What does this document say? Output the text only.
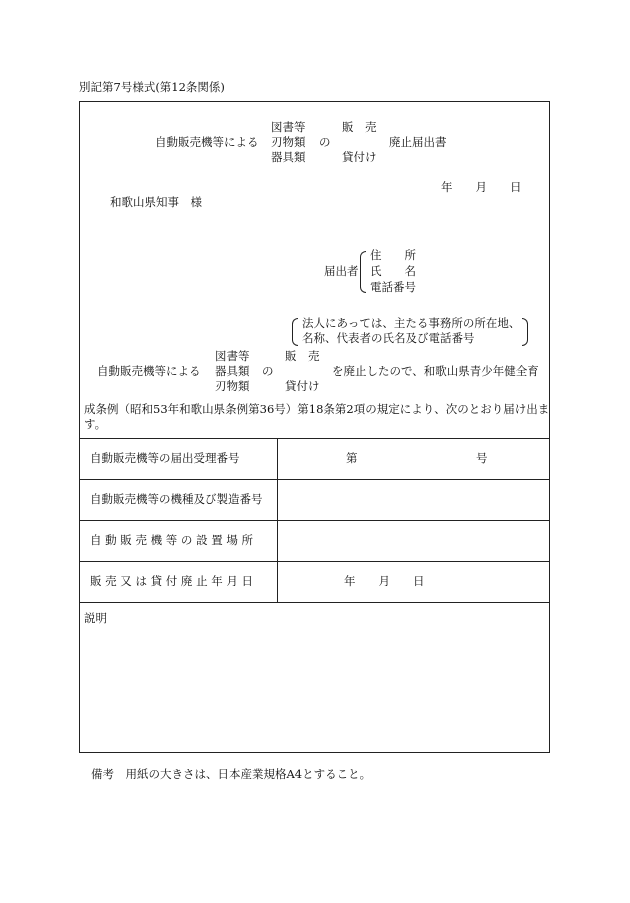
別記第7号様式(第12条関係)
自動販売機等による
図書等
刃物類
器具類
の
販　売
貸付け
廃止届出書
年　　月　　日
和歌山県知事　様
届出者
住　　所
氏　　名
電話番号
法人にあっては、主たる事務所の所在地、
名称、代表者の氏名及び電話番号
自動販売機等による
図書等
器具類
刃物類
の
販　売
貸付け
を廃止したので、和歌山県青少年健全育
成条例（昭和53年和歌山県条例第36号）第18条第2項の規定により、次のとおり届け出ま
す。
自動販売機等の届出受理番号	第	号
自動販売機等の機種及び製造番号
自 動 販 売 機 等 の 設 置 場 所
販 売 又 は 貸 付 廃 止 年 月 日	年　　月　　日
説明
備考　用紙の大きさは、日本産業規格A4とすること。
